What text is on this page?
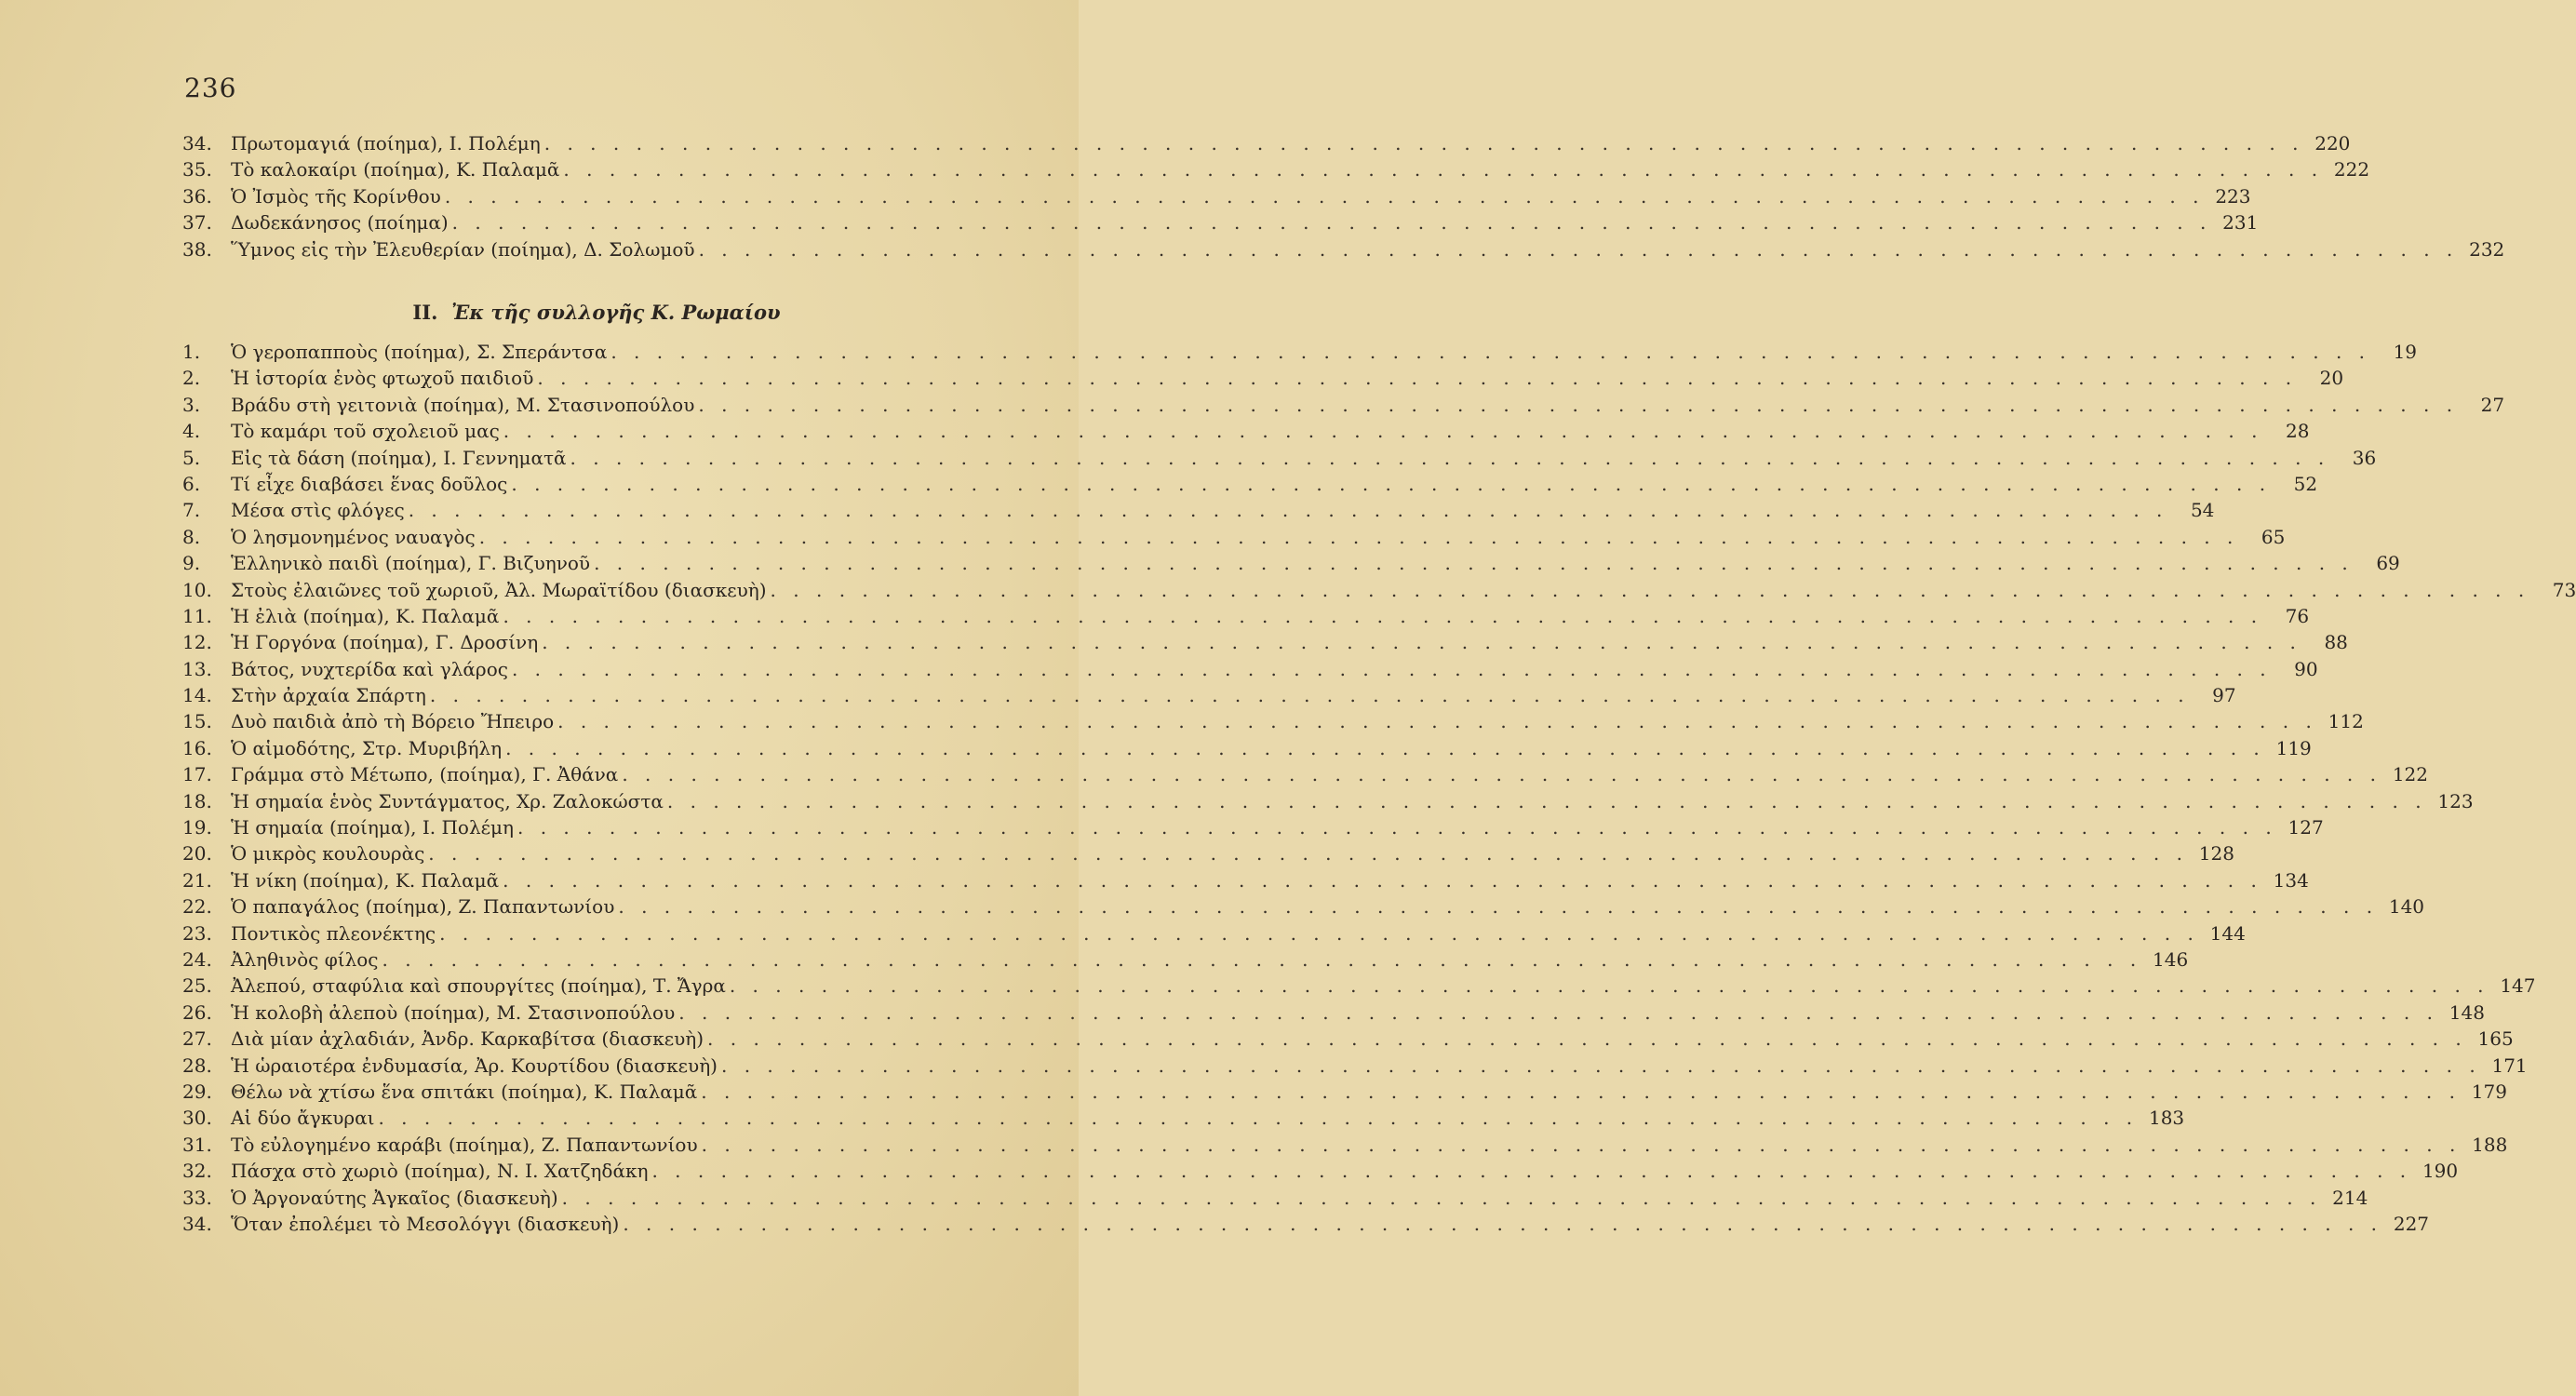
236
34.	Πρωτομαγιά (ποίημα), Ι. Πολέμη . . .	220
35.	Τὸ καλοκαίρι (ποίημα), Κ. Παλαμᾶ . . .	222
36.	Ὁ Ἰσμὸς τῆς Κορίνθου . . .	223
37.	Δωδεκάνησος (ποίημα) . . .	231
38.	Ὕμνος εἰς τὴν Ἐλευθερίαν (ποίημα), Δ. Σολωμοῦ . . .	232
ΙΙ. Ἐκ τῆς συλλογῆς Κ. Ρωμαίου
1.	Ὁ γεροπαπποὺς (ποίημα), Σ. Σπεράντσα . . .	19
2.	Ἡ ἱστορία ἑνὸς φτωχοῦ παιδιοῦ . . .	20
3.	Βράδυ στὴ γειτονιὰ (ποίημα), Μ. Στασινοπούλου . . .	27
4.	Τὸ καμάρι τοῦ σχολειοῦ μας . . .	28
5.	Εἰς τὰ δάση (ποίημα), Ι. Γεννηματᾶ . . .	36
6.	Τί εἶχε διαβάσει ἕνας δοῦλος . . .	52
7.	Μέσα στὶς φλόγες . . .	54
8.	Ὁ λησμονημένος ναυαγὸς . . .	65
9.	Ἑλληνικὸ παιδὶ (ποίημα), Γ. Βιζυηνοῦ . . .	69
10.	Στοὺς ἐλαιῶνες τοῦ χωριοῦ, Ἀλ. Μωραϊτίδου (διασκευὴ) . . .	73
11.	Ἡ ἐλιὰ (ποίημα), Κ. Παλαμᾶ . . .	76
12.	Ἡ Γοργόνα (ποίημα), Γ. Δροσίνη . . .	88
13.	Βάτος, νυχτερίδα καὶ γλάρος . . .	90
14.	Στὴν ἀρχαία Σπάρτη . . .	97
15.	Δυὸ παιδιὰ ἀπὸ τὴ Βόρειο Ἤπειρο . . .	112
16.	Ὁ αἱμοδότης, Στρ. Μυριβήλη . . .	119
17.	Γράμμα στὸ Μέτωπο, (ποίημα), Γ. Ἀθάνα . . .	122
18.	Ἡ σημαία ἑνὸς Συντάγματος, Χρ. Ζαλοκώστα . . .	123
19.	Ἡ σημαία (ποίημα), Ι. Πολέμη . . .	127
20.	Ὁ μικρὸς κουλουρὰς . . .	128
21.	Ἡ νίκη (ποίημα), Κ. Παλαμᾶ . . .	134
22.	Ὁ παπαγάλος (ποίημα), Ζ. Παπαντωνίου . . .	140
23.	Ποντικὸς πλεονέκτης . . .	144
24.	Ἀληθινὸς φίλος . . .	146
25.	Ἀλεπού, σταφύλια καὶ σπουργίτες (ποίημα), Τ. Ἄγρα . . .	147
26.	Ἡ κολοβὴ ἀλεποὺ (ποίημα), Μ. Στασινοπούλου . . .	148
27.	Διὰ μίαν ἀχλαδιάν, Ἀνδρ. Καρκαβίτσα (διασκευὴ) . . .	165
28.	Ἡ ὡραιοτέρα ἐνδυμασία, Ἀρ. Κουρτίδου (διασκευὴ) . . .	171
29.	Θέλω νὰ χτίσω ἕνα σπιτάκι (ποίημα), Κ. Παλαμᾶ . . .	179
30.	Αἱ δύο ἄγκυραι . . .	183
31.	Τὸ εὐλογημένο καράβι (ποίημα), Ζ. Παπαντωνίου . . .	188
32.	Πάσχα στὸ χωριὸ (ποίημα), Ν. Ι. Χατζηδάκη . . .	190
33.	Ὁ Ἀργοναύτης Ἀγκαῖος (διασκευὴ) . . .	214
34.	Ὅταν ἐπολέμει τὸ Μεσολόγγι (διασκευὴ) . . .	227
